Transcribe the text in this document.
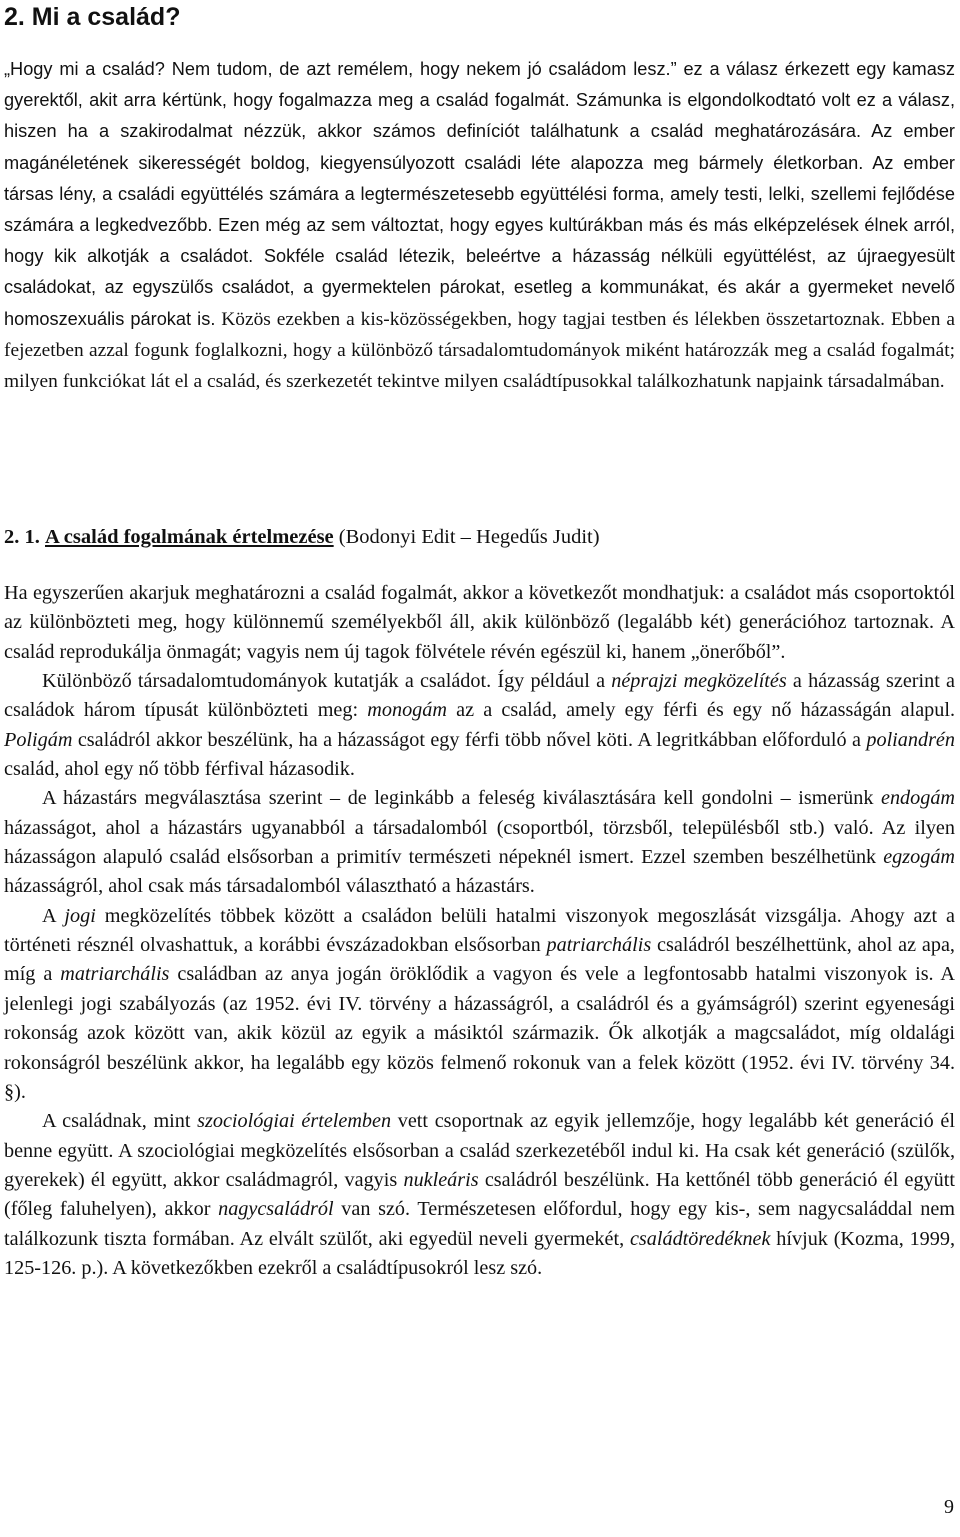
2. Mi a család?

„Hogy mi a család? Nem tudom, de azt remélem, hogy nekem jó családom lesz.” ez a válasz érkezett egy kamasz gyerektől, akit arra kértünk, hogy fogalmazza meg a család fogalmát. Számunka is elgondolkodtató volt ez a válasz, hiszen ha a szakirodalmat nézzük, akkor számos definíciót találhatunk a család meghatározására. Az ember magánéletének sikerességét boldog, kiegyensúlyozott családi léte alapozza meg bármely életkorban. Az ember társas lény, a családi együttélés számára a legtermészetesebb együttélési forma, amely testi, lelki, szellemi fejlődése számára a legkedvezőbb. Ezen még az sem változtat, hogy egyes kultúrákban más és más elképzelések élnek arról, hogy kik alkotják a családot. Sokféle család létezik, beleértve a házasság nélküli együttélést, az újraegyesült családokat, az egyszülős családot, a gyermektelen párokat, esetleg a kommunákat, és akár a gyermeket nevelő homoszexuális párokat is. Közös ezekben a kis-közösségekben, hogy tagjai testben és lélekben összetartoznak. Ebben a fejezetben azzal fogunk foglalkozni, hogy a különböző társadalomtudományok miként határozzák meg a család fogalmát; milyen funkciókat lát el a család, és szerkezetét tekintve milyen családtípusokkal találkozhatunk napjaink társadalmában.

2. 1. A család fogalmának értelmezése (Bodonyi Edit – Hegedűs Judit)

Ha egyszerűen akarjuk meghatározni a család fogalmát, akkor a következőt mondhatjuk: a családot más csoportoktól az különbözteti meg, hogy különnemű személyekből áll, akik különböző (legalább két) generációhoz tartoznak. A család reprodukálja önmagát; vagyis nem új tagok fölvétele révén egészül ki, hanem „önerőből”.

Különböző társadalomtudományok kutatják a családot. Így például a néprajzi megközelítés a házasság szerint a családok három típusát különbözteti meg: monogám az a család, amely egy férfi és egy nő házasságán alapul. Poligám családról akkor beszélünk, ha a házasságot egy férfi több nővel köti. A legritkábban előforduló a poliandrén család, ahol egy nő több férfival házasodik.

A házastárs megválasztása szerint – de leginkább a feleség kiválasztására kell gondolni – ismerünk endogám házasságot, ahol a házastárs ugyanabból a társadalomból (csoportból, törzsből, településből stb.) való. Az ilyen házasságon alapuló család elsősorban a primitív természeti népeknél ismert. Ezzel szemben beszélhetünk egzogám házasságról, ahol csak más társadalomból választható a házastárs.

A jogi megközelítés többek között a családon belüli hatalmi viszonyok megoszlását vizsgálja. Ahogy azt a történeti résznél olvashattuk, a korábbi évszázadokban elsősorban patriarchális családról beszélhettünk, ahol az apa, míg a matriarchális családban az anya jogán öröklődik a vagyon és vele a legfontosabb hatalmi viszonyok is. A jelenlegi jogi szabályozás (az 1952. évi IV. törvény a házasságról, a családról és a gyámságról) szerint egyenesági rokonság azok között van, akik közül az egyik a másiktól származik. Ők alkotják a magcsaládot, míg oldalági rokonságról beszélünk akkor, ha legalább egy közös felmenő rokonuk van a felek között (1952. évi IV. törvény 34. §).

A családnak, mint szociológiai értelemben vett csoportnak az egyik jellemzője, hogy legalább két generáció él benne együtt. A szociológiai megközelítés elsősorban a család szerkezetéből indul ki. Ha csak két generáció (szülők, gyerekek) él együtt, akkor családmagról, vagyis nukleáris családról beszélünk. Ha kettőnél több generáció él együtt (főleg faluhelyen), akkor nagycsaládról van szó. Természetesen előfordul, hogy egy kis-, sem nagycsaláddal nem találkozunk tiszta formában. Az elvált szülőt, aki egyedül neveli gyermekét, családtöredéknek hívjuk (Kozma, 1999, 125-126. p.). A következőkben ezekről a családtípusokról lesz szó.

9
